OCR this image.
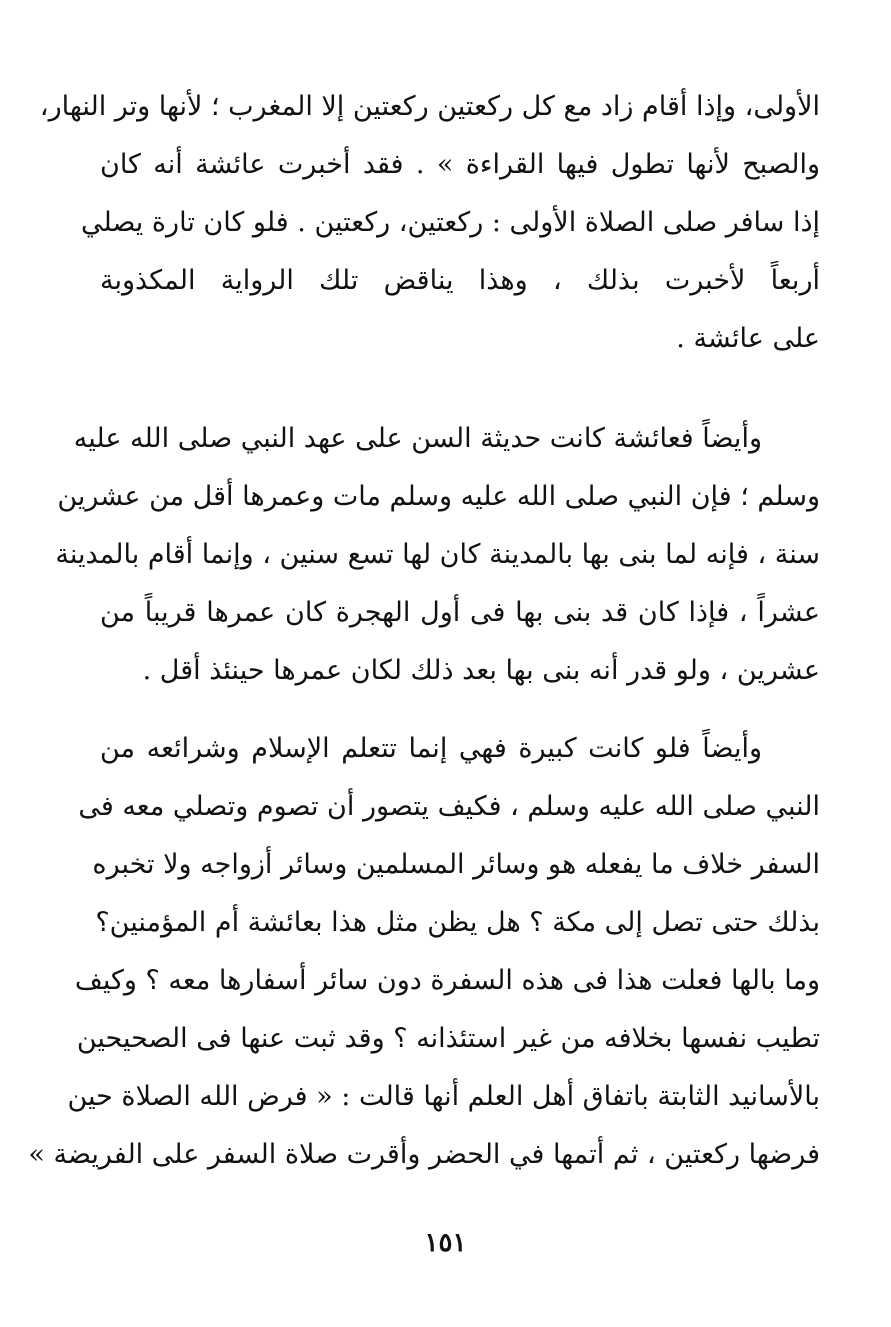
الأولى، وإذا أقام زاد مع كل ركعتين ركعتين إلا المغرب ؛ لأنها وتر النهار،
والصبح لأنها تطول فيها القراءة » . فقد أخبرت عائشة أنه كان
إذا سافر صلى الصلاة الأولى : ركعتين، ركعتين . فلو كان تارة يصلي
أربعاً لأخبرت بذلك ، وهذا يناقض تلك الرواية المكذوبة
على عائشة .
وأيضاً فعائشة كانت حديثة السن على عهد النبي صلى الله عليه
وسلم ؛ فإن النبي صلى الله عليه وسلم مات وعمرها أقل من عشرين
سنة ، فإنه لما بنى بها بالمدينة كان لها تسع سنين ، وإنما أقام بالمدينة
عشراً ، فإذا كان قد بنى بها فى أول الهجرة كان عمرها قريباً من
عشرين ، ولو قدر أنه بنى بها بعد ذلك لكان عمرها حينئذ أقل .
وأيضاً فلو كانت كبيرة فهي إنما تتعلم الإسلام وشرائعه من
النبي صلى الله عليه وسلم ، فكيف يتصور أن تصوم وتصلي معه فى
السفر خلاف ما يفعله هو وسائر المسلمين وسائر أزواجه ولا تخبره
بذلك حتى تصل إلى مكة ؟ هل يظن مثل هذا بعائشة أم المؤمنين؟
وما بالها فعلت هذا فى هذه السفرة دون سائر أسفارها معه ؟ وكيف
تطيب نفسها بخلافه من غير استئذانه ؟ وقد ثبت عنها فى الصحيحين
بالأسانيد الثابتة باتفاق أهل العلم أنها قالت : « فرض الله الصلاة حين
فرضها ركعتين ، ثم أتمها في الحضر وأقرت صلاة السفر على الفريضة »
١٥١
